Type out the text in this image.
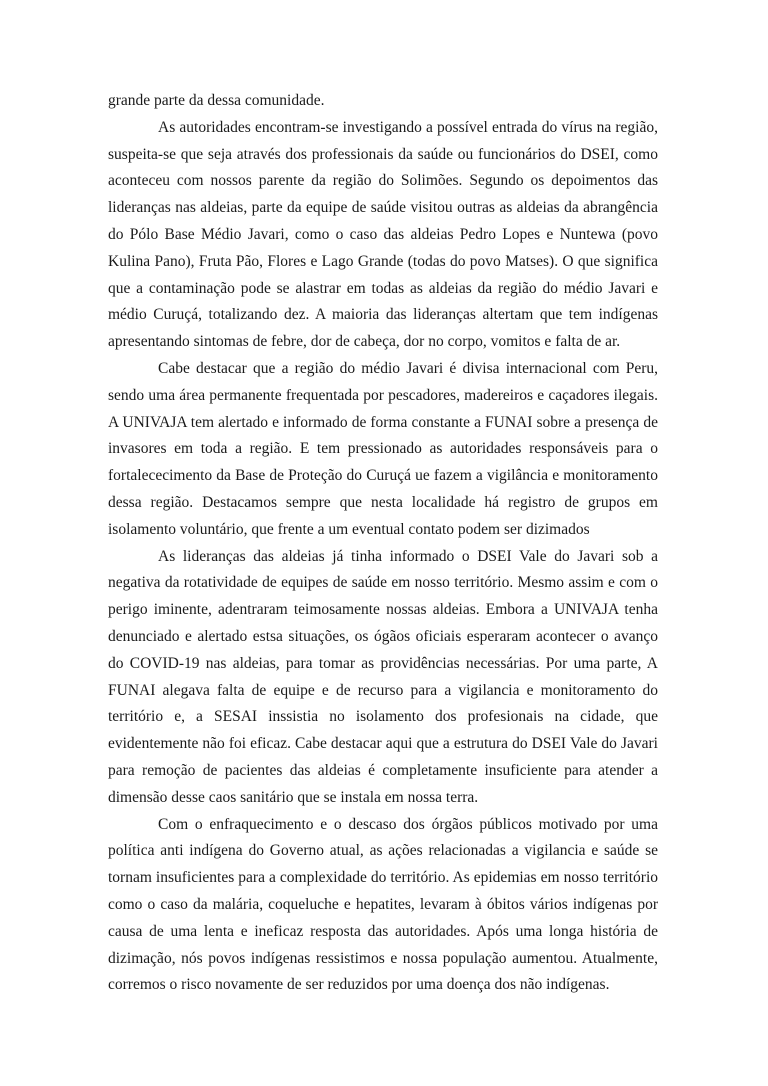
grande parte da dessa comunidade.

As autoridades encontram-se investigando a possível entrada do vírus na região, suspeita-se que seja através dos professionais da saúde ou funcionários do DSEI, como aconteceu com nossos parente da região do Solimões. Segundo os depoimentos das lideranças nas aldeias, parte da equipe de saúde visitou outras as aldeias da abrangência do Pólo Base Médio Javari, como o caso das aldeias Pedro Lopes e Nuntewa (povo Kulina Pano), Fruta Pão, Flores e Lago Grande (todas do povo Matses). O que significa que a contaminação pode se alastrar em todas as aldeias da região do médio Javari e médio Curuçá, totalizando dez. A maioria das lideranças altertam que tem indígenas apresentando sintomas de febre, dor de cabeça, dor no corpo, vomitos e falta de ar.

Cabe destacar que a região do médio Javari é divisa internacional com Peru, sendo uma área permanente frequentada por pescadores, madereiros e caçadores ilegais. A UNIVAJA tem alertado e informado de forma constante a FUNAI sobre a presença de invasores em toda a região. E tem pressionado as autoridades responsáveis para o fortalececimento da Base de Proteção do Curuçá ue fazem a vigilância e monitoramento dessa região. Destacamos sempre que nesta localidade há registro de grupos em isolamento voluntário, que frente a um eventual contato podem ser dizimados

As lideranças das aldeias já tinha informado o DSEI Vale do Javari sob a negativa da rotatividade de equipes de saúde em nosso território. Mesmo assim e com o perigo iminente, adentraram teimosamente nossas aldeias. Embora a UNIVAJA tenha denunciado e alertado estsa situações, os ógãos oficiais esperaram acontecer o avanço do COVID-19 nas aldeias, para tomar as providências necessárias. Por uma parte, A FUNAI alegava falta de equipe e de recurso para a vigilancia e monitoramento do território e, a SESAI inssistia no isolamento dos profesionais na cidade, que evidentemente não foi eficaz. Cabe destacar aqui que a estrutura do DSEI Vale do Javari para remoção de pacientes das aldeias é completamente insuficiente para atender a dimensão desse caos sanitário que se instala em nossa terra.

Com o enfraquecimento e o descaso dos órgãos públicos motivado por uma política anti indígena do Governo atual, as ações relacionadas a vigilancia e saúde se tornam insuficientes para a complexidade do território. As epidemias em nosso território como o caso da malária, coqueluche e hepatites, levaram à óbitos vários indígenas por causa de uma lenta e ineficaz resposta das autoridades. Após uma longa história de dizimação, nós povos indígenas ressistimos e nossa população aumentou. Atualmente, corremos o risco novamente de ser reduzidos por uma doença dos não indígenas.
